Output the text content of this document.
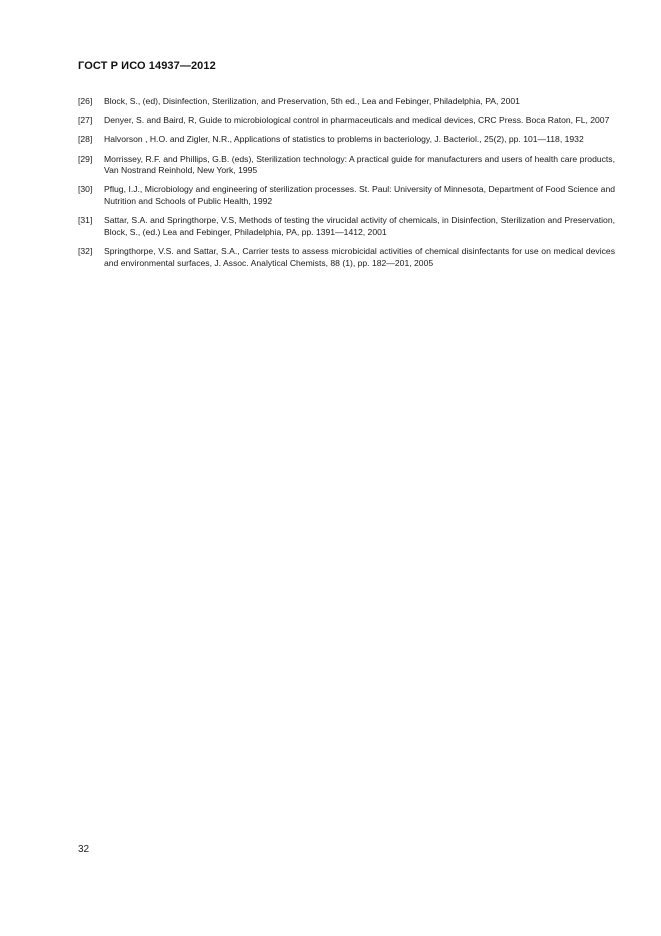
ГОСТ Р ИСО 14937—2012
[26] Block, S., (ed), Disinfection, Sterilization, and Preservation, 5th ed., Lea and Febinger, Philadelphia, PA, 2001
[27] Denyer, S. and Baird, R, Guide to microbiological control in pharmaceuticals and medical devices, CRC Press. Boca Raton, FL, 2007
[28] Halvorson , H.O. and Zigler, N.R., Applications of statistics to problems in bacteriology, J. Bacteriol., 25(2), pp. 101—118, 1932
[29] Morrissey, R.F. and Phillips, G.B. (eds), Sterilization technology: A practical guide for manufacturers and users of health care products, Van Nostrand Reinhold, New York, 1995
[30] Pflug, I.J., Microbiology and engineering of sterilization processes. St. Paul: University of Minnesota, Department of Food Science and Nutrition and Schools of Public Health, 1992
[31] Sattar, S.A. and Springthorpe, V.S, Methods of testing the virucidal activity of chemicals, in Disinfection, Sterilization and Preservation, Block, S., (ed.) Lea and Febinger, Philadelphia, PA, pp. 1391—1412, 2001
[32] Springthorpe, V.S. and Sattar, S.A., Carrier tests to assess microbicidal activities of chemical disinfectants for use on medical devices and environmental surfaces, J. Assoc. Analytical Chemists, 88 (1), pp. 182—201, 2005
32
